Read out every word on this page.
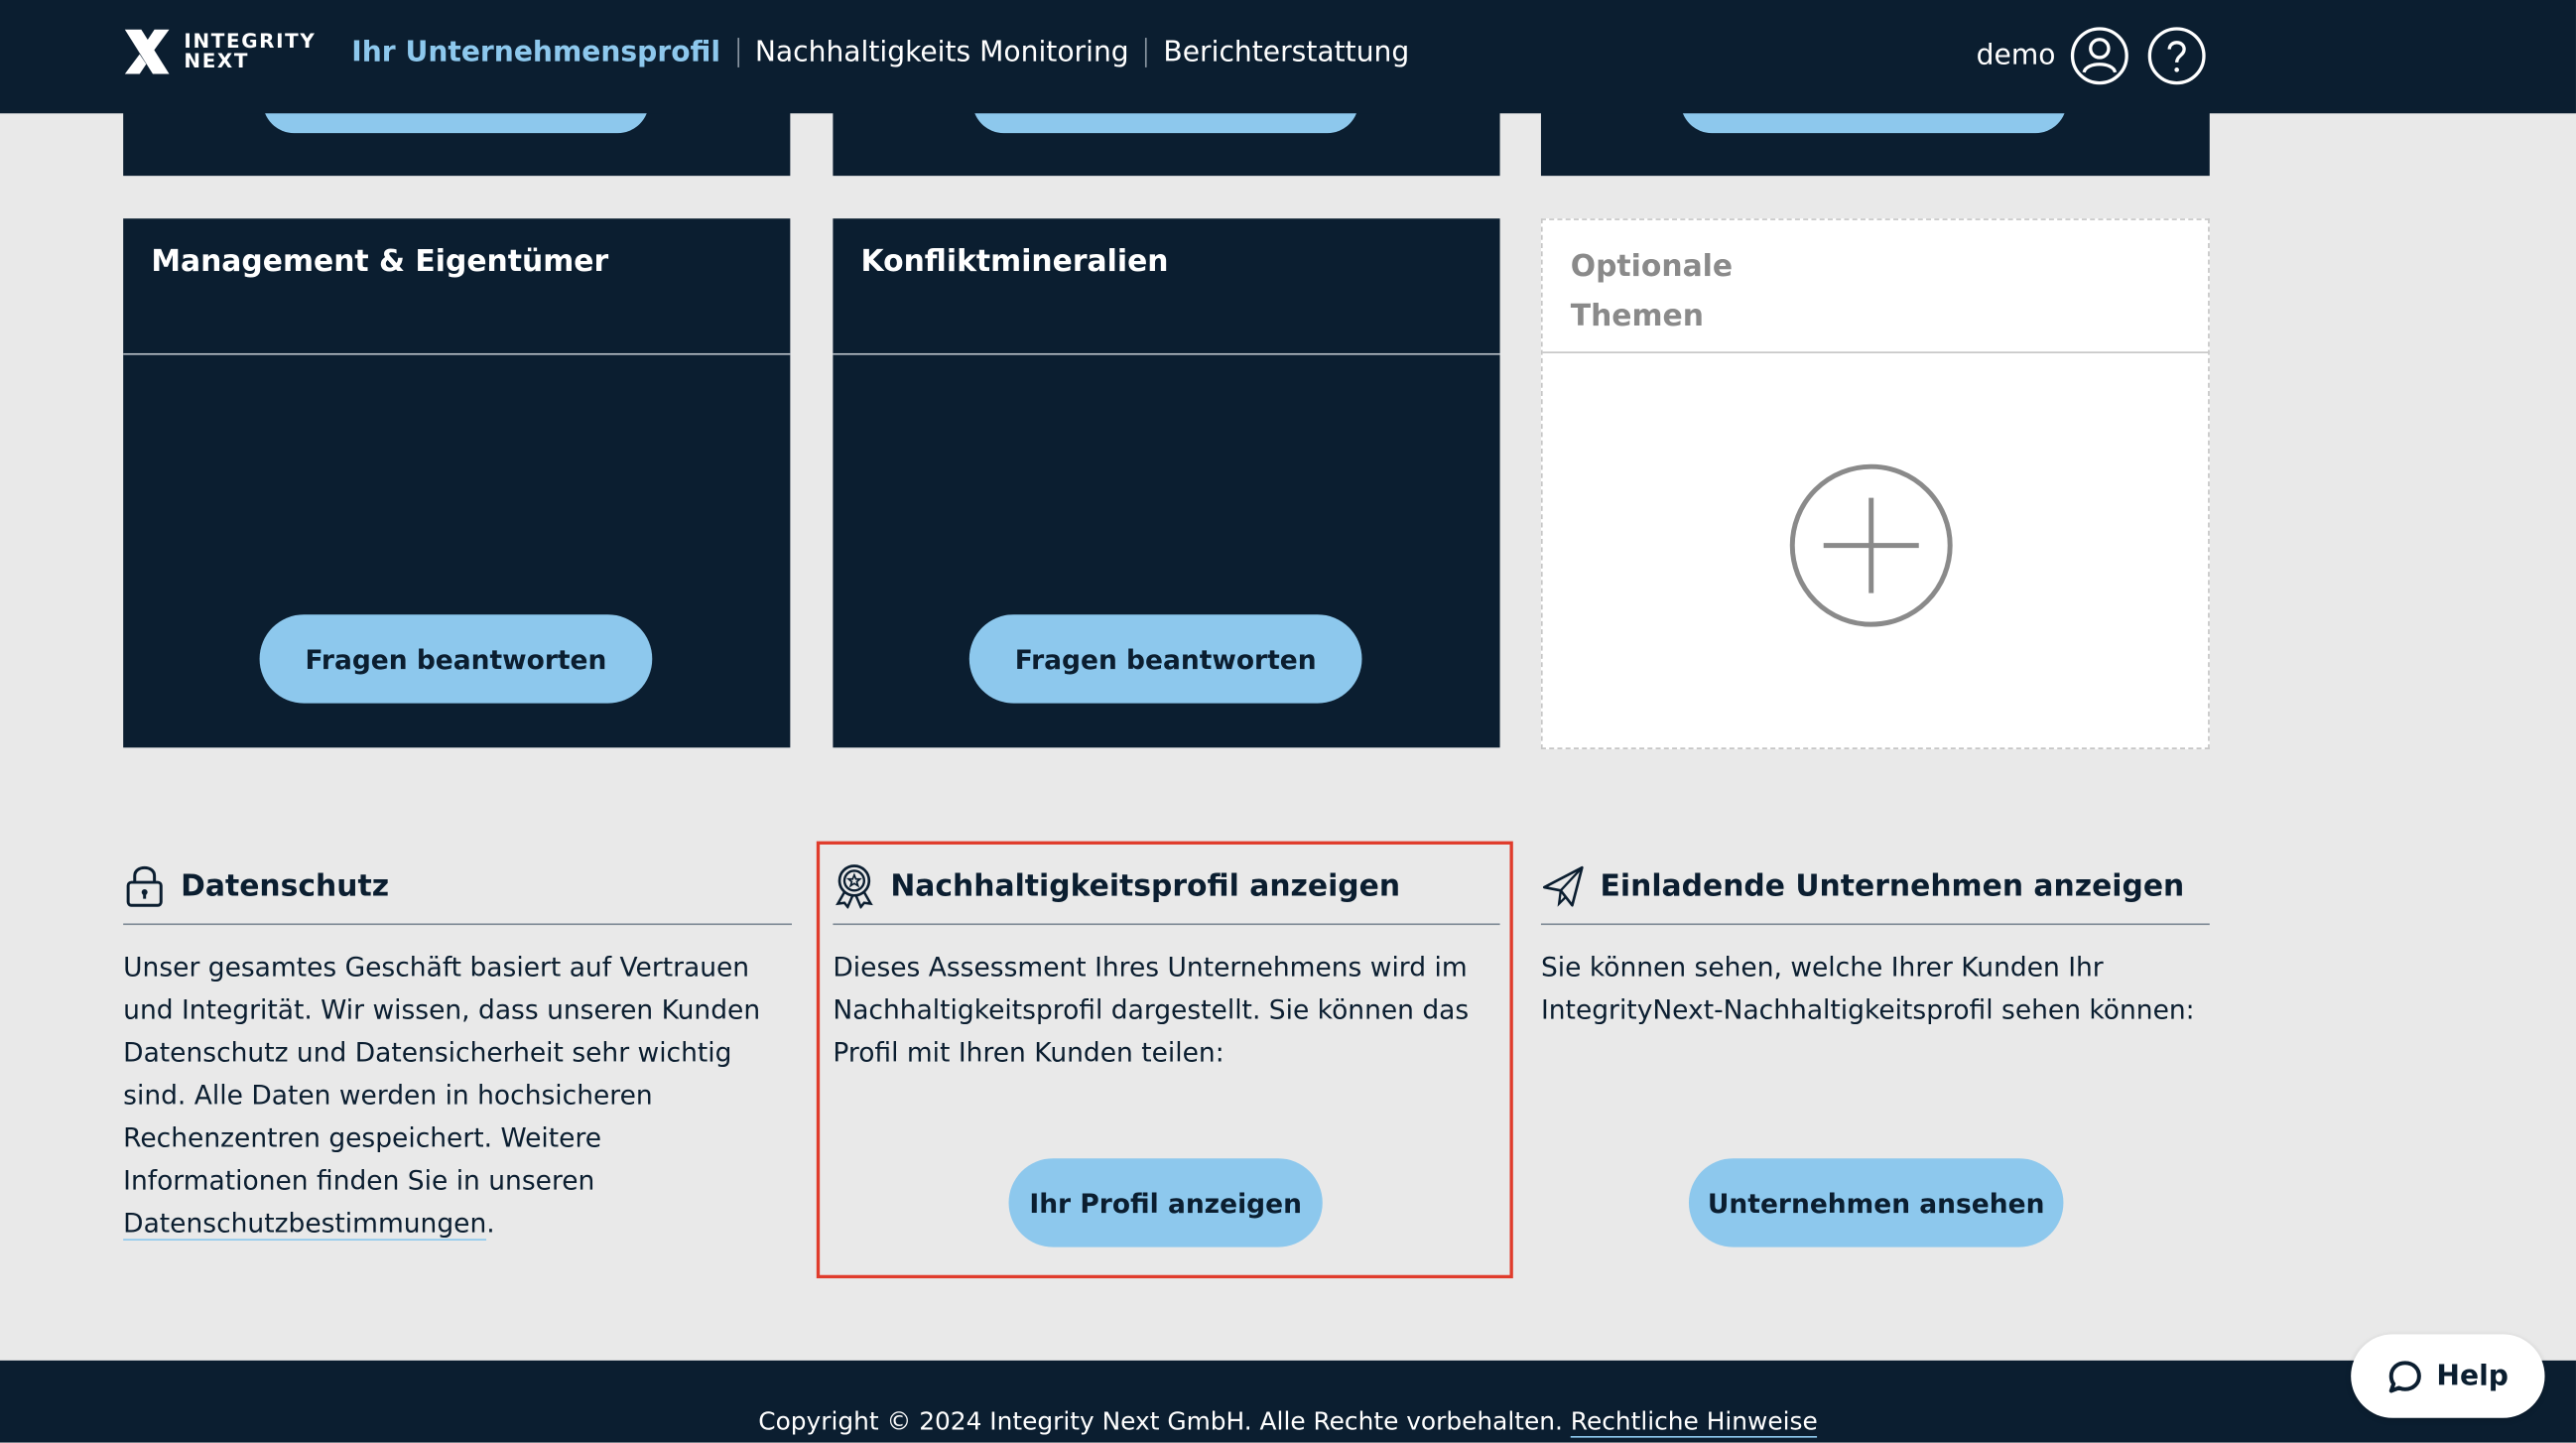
INTEGRITY
NEXT	Ihr Unternehmensprofil Nachhaltigkeits Monitoring Berichterstattung	demo
Management & Eigentümer
Fragen beantworten
Konfliktmineralien
Fragen beantworten
Optionale Themen
Datenschutz
Unser gesamtes Geschäft basiert auf Vertrauen und Integrität. Wir wissen, dass unseren Kunden Datenschutz und Datensicherheit sehr wichtig sind. Alle Daten werden in hochsicheren Rechenzentren gespeichert. Weitere Informationen finden Sie in unseren Datenschutzbestimmungen.
Nachhaltigkeitsprofil anzeigen
Dieses Assessment Ihres Unternehmens wird im Nachhaltigkeitsprofil dargestellt. Sie können das Profil mit Ihren Kunden teilen:
Ihr Profil anzeigen
Einladende Unternehmen anzeigen
Sie können sehen, welche Ihrer Kunden Ihr IntegrityNext-Nachhaltigkeitsprofil sehen können:
Unternehmen ansehen
Copyright © 2024 Integrity Next GmbH. Alle Rechte vorbehalten. Rechtliche Hinweise
Help
